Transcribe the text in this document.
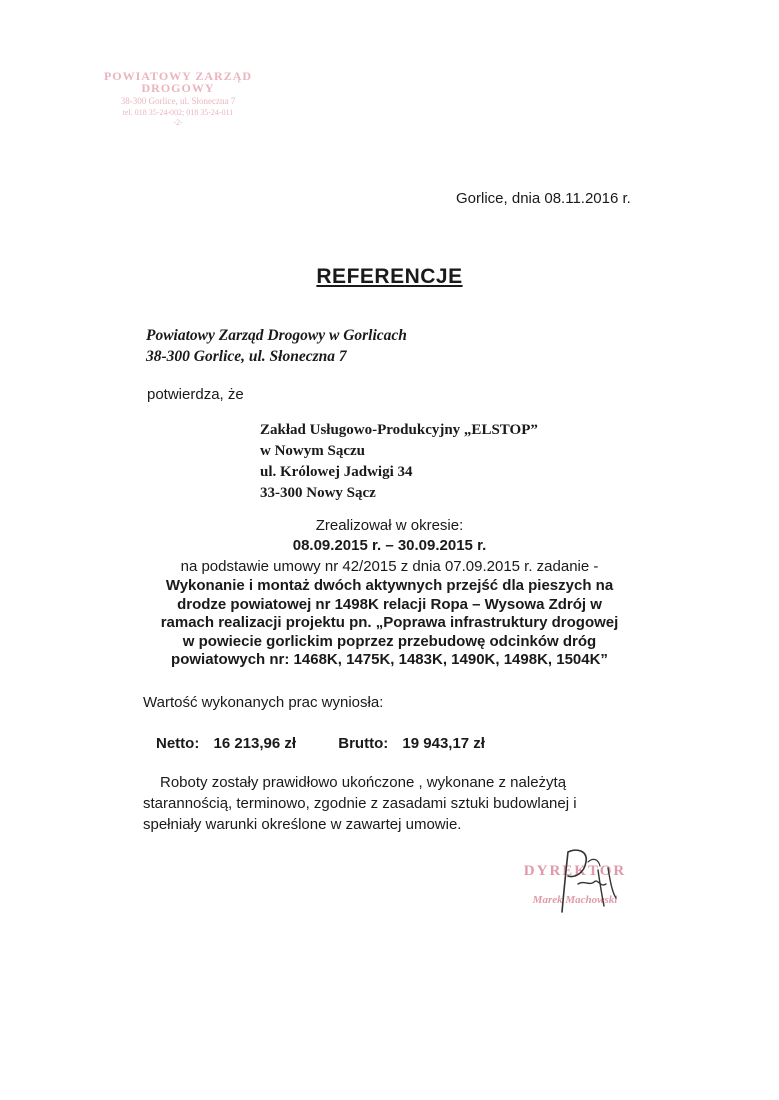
POWIATOWY ZARZĄD
DROGOWY
38-300 Gorlice, ul. Słoneczna 7
tel. 018 35-24-002; 018 35-24-011
-2-
Gorlice, dnia 08.11.2016 r.
REFERENCJE
Powiatowy Zarząd Drogowy w Gorlicach
38-300 Gorlice, ul. Słoneczna 7
potwierdza, że
Zakład Usługowo-Produkcyjny „ELSTOP”
w Nowym Sączu
ul. Królowej Jadwigi 34
33-300 Nowy Sącz
Zrealizował w okresie:
08.09.2015 r. – 30.09.2015 r.
na podstawie umowy nr 42/2015 z dnia 07.09.2015 r. zadanie -
Wykonanie i montaż dwóch aktywnych przejść dla pieszych na
drodze powiatowej nr 1498K relacji Ropa – Wysowa Zdrój w
ramach realizacji projektu pn. „Poprawa infrastruktury drogowej
w powiecie gorlickim poprzez przebudowę odcinków dróg
powiatowych nr: 1468K, 1475K, 1483K, 1490K, 1498K, 1504K”
Wartość wykonanych prac wyniosła:
Netto: 16 213,96 zł	Brutto: 19 943,17 zł
Roboty zostały prawidłowo ukończone , wykonane z należytą
starannością, terminowo, zgodnie z zasadami sztuki budowlanej i
spełniały warunki określone w zawartej umowie.
DYREKTOR
Marek Machowski
